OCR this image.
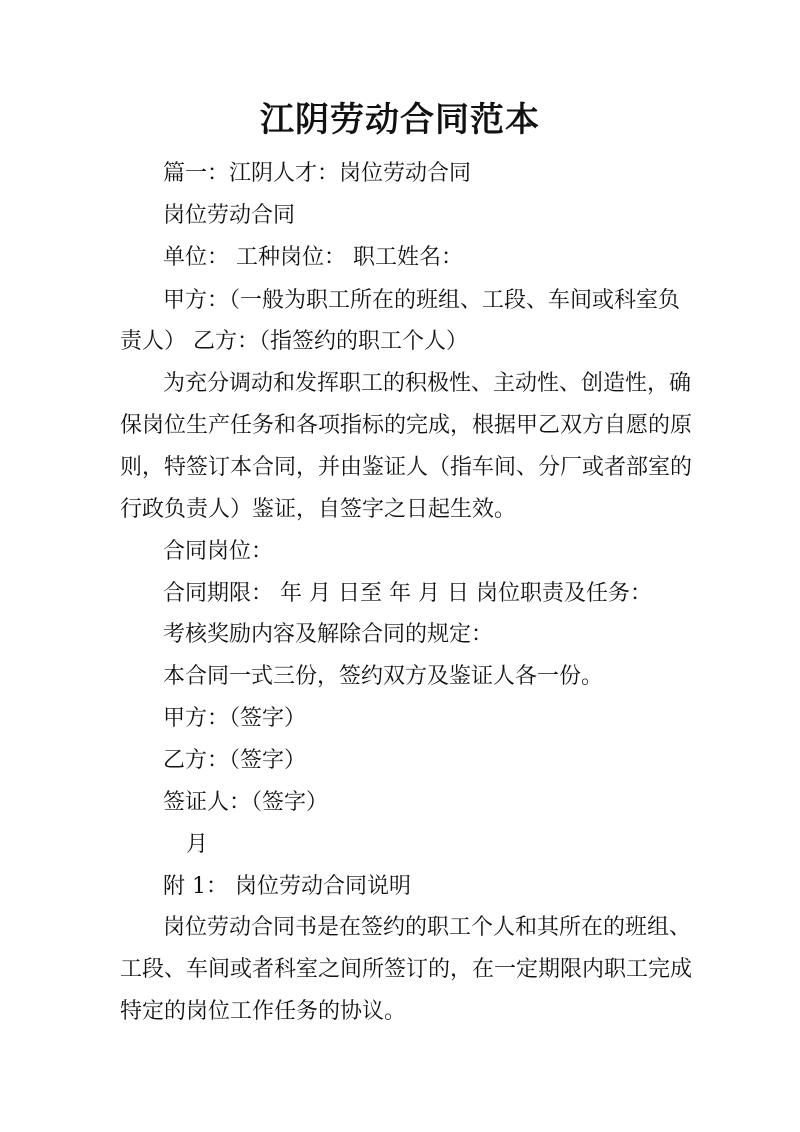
江阴劳动合同范本
篇一：江阴人才：岗位劳动合同
岗位劳动合同
单位： 工种岗位： 职工姓名：
甲方：（一般为职工所在的班组、工段、车间或科室负
责人） 乙方：（指签约的职工个人）
为充分调动和发挥职工的积极性、主动性、创造性，确
保岗位生产任务和各项指标的完成，根据甲乙双方自愿的原
则，特签订本合同，并由鉴证人（指车间、分厂或者部室的
行政负责人）鉴证，自签字之日起生效。
合同岗位：
合同期限： 年 月 日至 年 月 日 岗位职责及任务：
考核奖励内容及解除合同的规定：
本合同一式三份，签约双方及鉴证人各一份。
甲方：（签字）
乙方：（签字）
签证人：（签字）
月
附 1： 岗位劳动合同说明
岗位劳动合同书是在签约的职工个人和其所在的班组、
工段、车间或者科室之间所签订的，在一定期限内职工完成
特定的岗位工作任务的协议。
